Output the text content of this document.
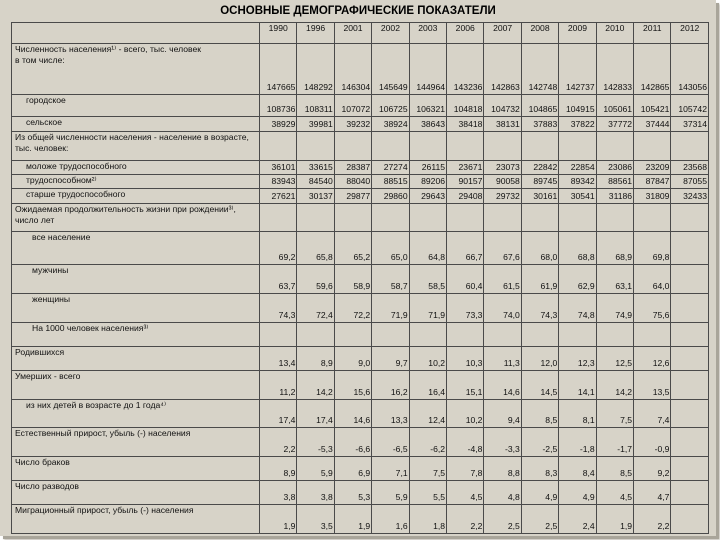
ОСНОВНЫЕ ДЕМОГРАФИЧЕСКИЕ ПОКАЗАТЕЛИ
	1990	1996	2001	2002	2003	2006	2007	2008	2009	2010	2011	2012
Численность населения¹⁾ - всего, тыс. человек
в том числе:	147665	148292	146304	145649	144964	143236	142863	142748	142737	142833	142865	143056
городское	108736	108311	107072	106725	106321	104818	104732	104865	104915	105061	105421	105742
сельское	38929	39981	39232	38924	38643	38418	38131	37883	37822	37772	37444	37314
Из общей численности населения - население в возрасте, тыс. человек:												
моложе трудоспособного	36101	33615	28387	27274	26115	23671	23073	22842	22854	23086	23209	23568
трудоспособном²⁾	83943	84540	88040	88515	89206	90157	90058	89745	89342	88561	87847	87055
старше трудоспособного	27621	30137	29877	29860	29643	29408	29732	30161	30541	31186	31809	32433
Ожидаемая продолжительность жизни при рождении³⁾, число лет												
все население	69,2	65,8	65,2	65,0	64,8	66,7	67,6	68,0	68,8	68,9	69,8	
мужчины	63,7	59,6	58,9	58,7	58,5	60,4	61,5	61,9	62,9	63,1	64,0	
женщины	74,3	72,4	72,2	71,9	71,9	73,3	74,0	74,3	74,8	74,9	75,6	
На 1000 человек населения³⁾												
Родившихся	13,4	8,9	9,0	9,7	10,2	10,3	11,3	12,0	12,3	12,5	12,6	
Умерших - всего	11,2	14,2	15,6	16,2	16,4	15,1	14,6	14,5	14,1	14,2	13,5	
из них детей в возрасте до 1 года⁴⁾	17,4	17,4	14,6	13,3	12,4	10,2	9,4	8,5	8,1	7,5	7,4	
Естественный прирост, убыль (-) населения	2,2	-5,3	-6,6	-6,5	-6,2	-4,8	-3,3	-2,5	-1,8	-1,7	-0,9	
Число браков	8,9	5,9	6,9	7,1	7,5	7,8	8,8	8,3	8,4	8,5	9,2	
Число разводов	3,8	3,8	5,3	5,9	5,5	4,5	4,8	4,9	4,9	4,5	4,7	
Миграционный прирост, убыль (-) населения	1,9	3,5	1,9	1,6	1,8	2,2	2,5	2,5	2,4	1,9	2,2	
